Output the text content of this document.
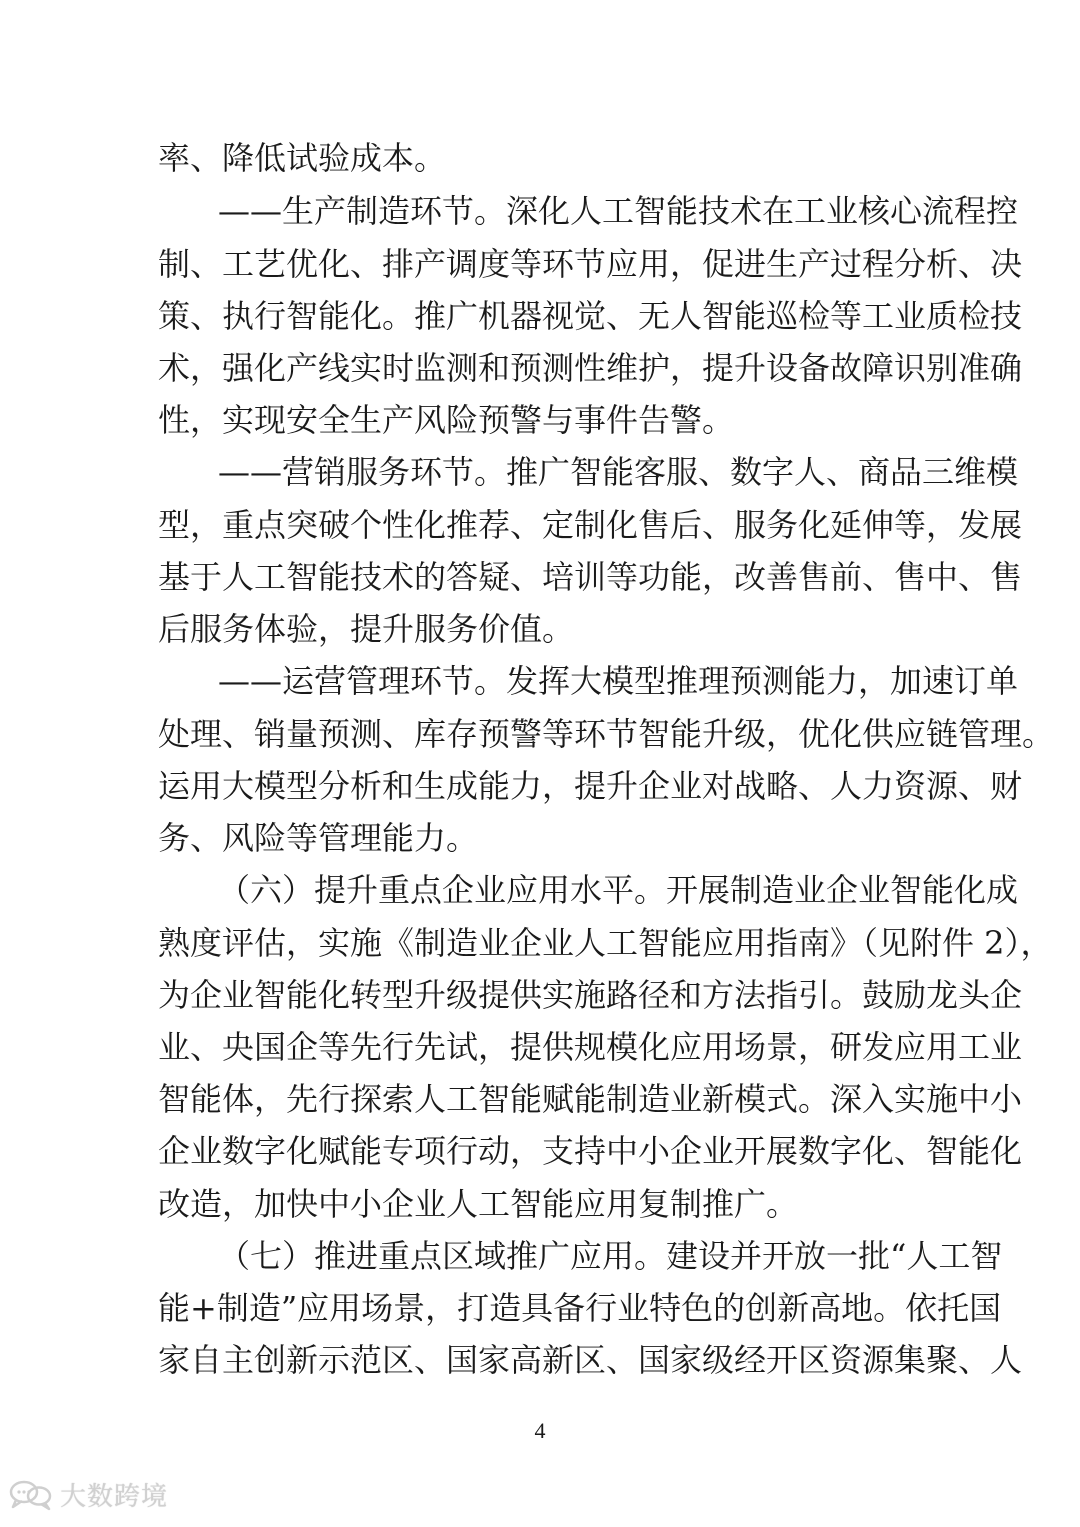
率、降低试验成本。
——生产制造环节。深化人工智能技术在工业核心流程控
制、工艺优化、排产调度等环节应用，促进生产过程分析、决
策、执行智能化。推广机器视觉、无人智能巡检等工业质检技
术，强化产线实时监测和预测性维护，提升设备故障识别准确
性，实现安全生产风险预警与事件告警。
——营销服务环节。推广智能客服、数字人、商品三维模
型，重点突破个性化推荐、定制化售后、服务化延伸等，发展
基于人工智能技术的答疑、培训等功能，改善售前、售中、售
后服务体验，提升服务价值。
——运营管理环节。发挥大模型推理预测能力，加速订单
处理、销量预测、库存预警等环节智能升级，优化供应链管理。
运用大模型分析和生成能力，提升企业对战略、人力资源、财
务、风险等管理能力。
（六）提升重点企业应用水平。开展制造业企业智能化成
熟度评估，实施《制造业企业人工智能应用指南》（见附件 2），
为企业智能化转型升级提供实施路径和方法指引。鼓励龙头企
业、央国企等先行先试，提供规模化应用场景，研发应用工业
智能体，先行探索人工智能赋能制造业新模式。深入实施中小
企业数字化赋能专项行动，支持中小企业开展数字化、智能化
改造，加快中小企业人工智能应用复制推广。
（七）推进重点区域推广应用。建设并开放一批“人工智
能+制造”应用场景，打造具备行业特色的创新高地。依托国
家自主创新示范区、国家高新区、国家级经开区资源集聚、人
4
大数跨境
